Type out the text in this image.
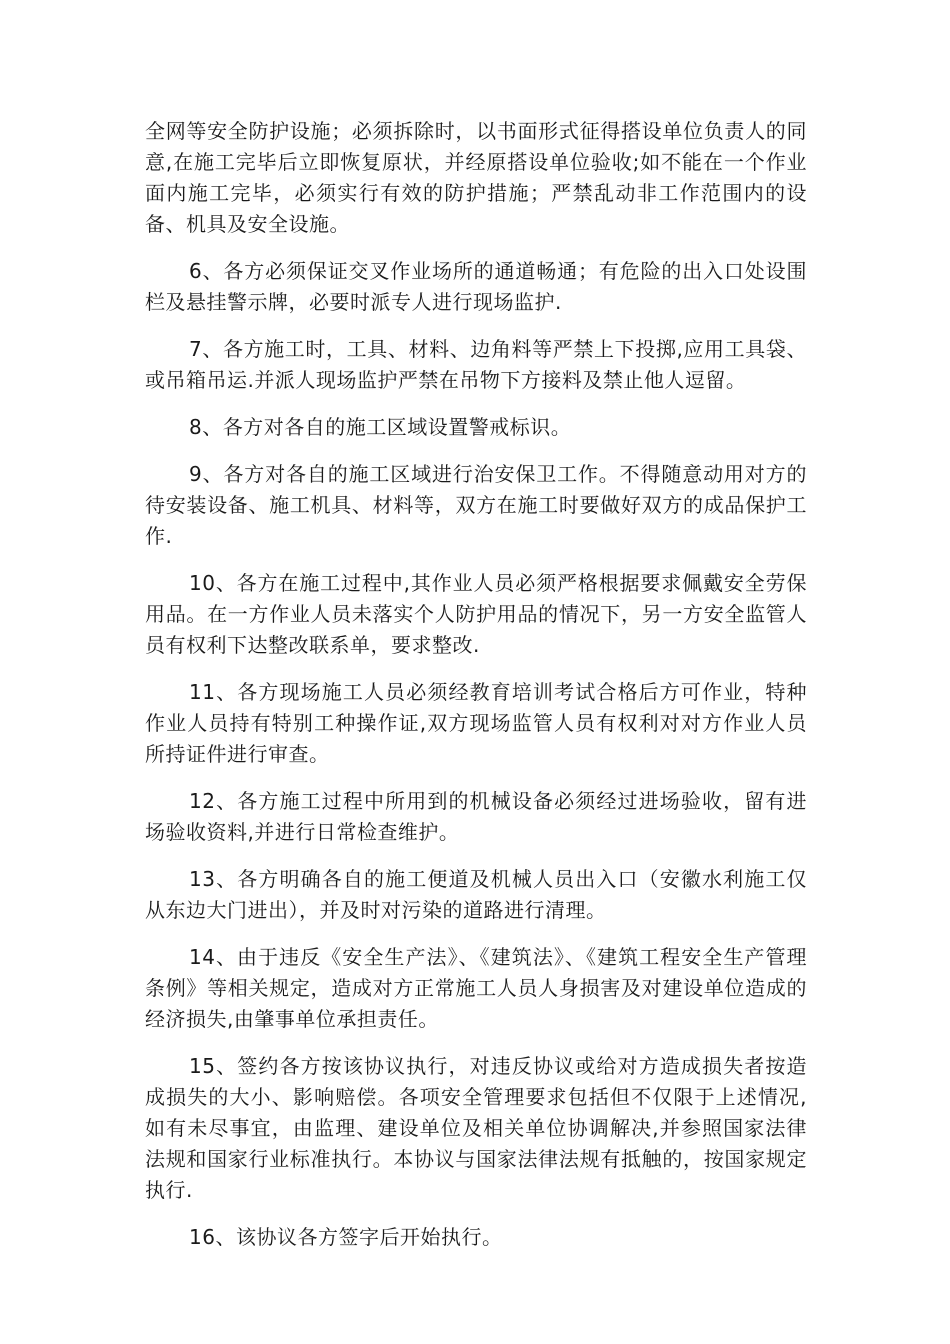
全网等安全防护设施；必须拆除时，以书面形式征得搭设单位负责人的同意,在施工完毕后立即恢复原状，并经原搭设单位验收;如不能在一个作业面内施工完毕，必须实行有效的防护措施；严禁乱动非工作范围内的设备、机具及安全设施。

6、各方必须保证交叉作业场所的通道畅通；有危险的出入口处设围栏及悬挂警示牌，必要时派专人进行现场监护.

7、各方施工时，工具、材料、边角料等严禁上下投掷,应用工具袋、或吊箱吊运.并派人现场监护严禁在吊物下方接料及禁止他人逗留。

8、各方对各自的施工区域设置警戒标识。

9、各方对各自的施工区域进行治安保卫工作。不得随意动用对方的待安装设备、施工机具、材料等，双方在施工时要做好双方的成品保护工作.

10、各方在施工过程中,其作业人员必须严格根据要求佩戴安全劳保用品。在一方作业人员未落实个人防护用品的情况下，另一方安全监管人员有权利下达整改联系单，要求整改.

11、各方现场施工人员必须经教育培训考试合格后方可作业，特种作业人员持有特别工种操作证,双方现场监管人员有权利对对方作业人员所持证件进行审查。

12、各方施工过程中所用到的机械设备必须经过进场验收，留有进场验收资料,并进行日常检查维护。

13、各方明确各自的施工便道及机械人员出入口（安徽水利施工仅从东边大门进出），并及时对污染的道路进行清理。

14、由于违反《安全生产法》、《建筑法》、《建筑工程安全生产管理条例》等相关规定，造成对方正常施工人员人身损害及对建设单位造成的经济损失,由肇事单位承担责任。

15、签约各方按该协议执行，对违反协议或给对方造成损失者按造成损失的大小、影响赔偿。各项安全管理要求包括但不仅限于上述情况,如有未尽事宜，由监理、建设单位及相关单位协调解决,并参照国家法律法规和国家行业标准执行。本协议与国家法律法规有抵触的，按国家规定执行.

16、该协议各方签字后开始执行。
